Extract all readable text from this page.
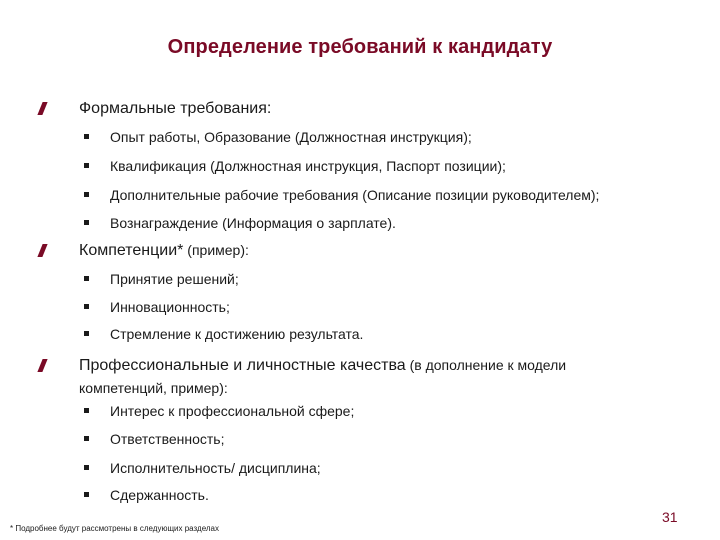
Определение требований к кандидату
Формальные требования:
Опыт работы, Образование (Должностная инструкция);
Квалификация (Должностная инструкция, Паспорт позиции);
Дополнительные рабочие требования (Описание позиции руководителем);
Вознаграждение (Информация о зарплате).
Компетенции* (пример):
Принятие решений;
Инновационность;
Стремление к достижению результата.
Профессиональные и личностные качества (в дополнение к модели компетенций, пример):
Интерес к профессиональной сфере;
Ответственность;
Исполнительность/ дисциплина;
Сдержанность.
* Подробнее будут рассмотрены в следующих разделах
31
